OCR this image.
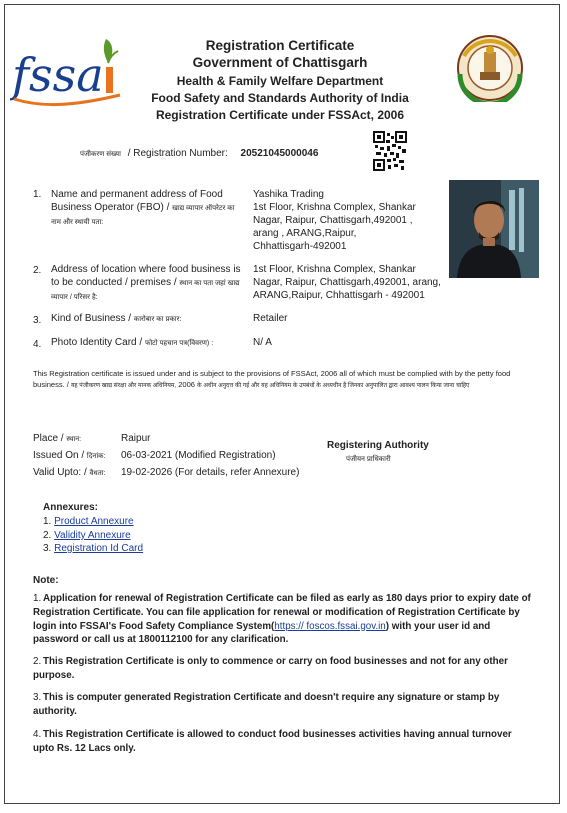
fssa
Registration Certificate
Government of Chattisgarh
Health & Family Welfare Department
Food Safety and Standards Authority of India
Registration Certificate under FSSAct, 2006
पंजीकरण संख्या / Registration Number: 20521045000046
1. Name and permanent address of Food Business Operator (FBO) / खाद्य व्यापार ऑपरेटर का नाम और स्थायी पता:
Yashika Trading
1st Floor, Krishna Complex, Shankar
Nagar, Raipur, Chattisgarh,492001 ,
arang , ARANG,Raipur,
Chhattisgarh-492001
2. Address of location where food business is to be conducted / premises / स्थान का पता जहां खाद्य व्यापार / परिसर है:
1st Floor, Krishna Complex, Shankar
Nagar, Raipur, Chattisgarh,492001, arang,
ARANG,Raipur, Chhattisgarh - 492001
3. Kind of Business / कारोबार का प्रकार:	Retailer
4. Photo Identity Card / फोटो पहचान पत्र(विवरण) :	N/ A
This Registration certificate is issued under and is subject to the provisions of FSSAct, 2006 all of which must be complied with by the petty food business. / यह पंजीकरण खाद्य संरक्षा और मानक अधिनियम, 2006 के अधीन अनुदत्त की गई और यह अधिनियम के उपबंधों के अध्यधीन है जिनका अनुपालित द्वारा आवश्य पालन किया जाना चाहिए
Place / स्थान:	Raipur
Issued On / दिनांक: 06-03-2021 (Modified Registration)
Valid Upto: / वैधता: 19-02-2026 (For details, refer Annexure)
Registering Authority
पंजीयन प्राधिकारी
Annexures:
1. Product Annexure
2. Validity Annexure
3. Registration Id Card
Note:
1. Application for renewal of Registration Certificate can be filed as early as 180 days prior to expiry date of Registration Certificate. You can file application for renewal or modification of Registration Certificate by login into FSSAI's Food Safety Compliance System(https:// foscos.fssai.gov.in) with your user id and password or call us at 1800112100 for any clarification.
2. This Registration Certificate is only to commence or carry on food businesses and not for any other purpose.
3. This is computer generated Registration Certificate and doesn't require any signature or stamp by authority.
4. This Registration Certificate is allowed to conduct food businesses activities having annual turnover upto Rs. 12 Lacs only.
